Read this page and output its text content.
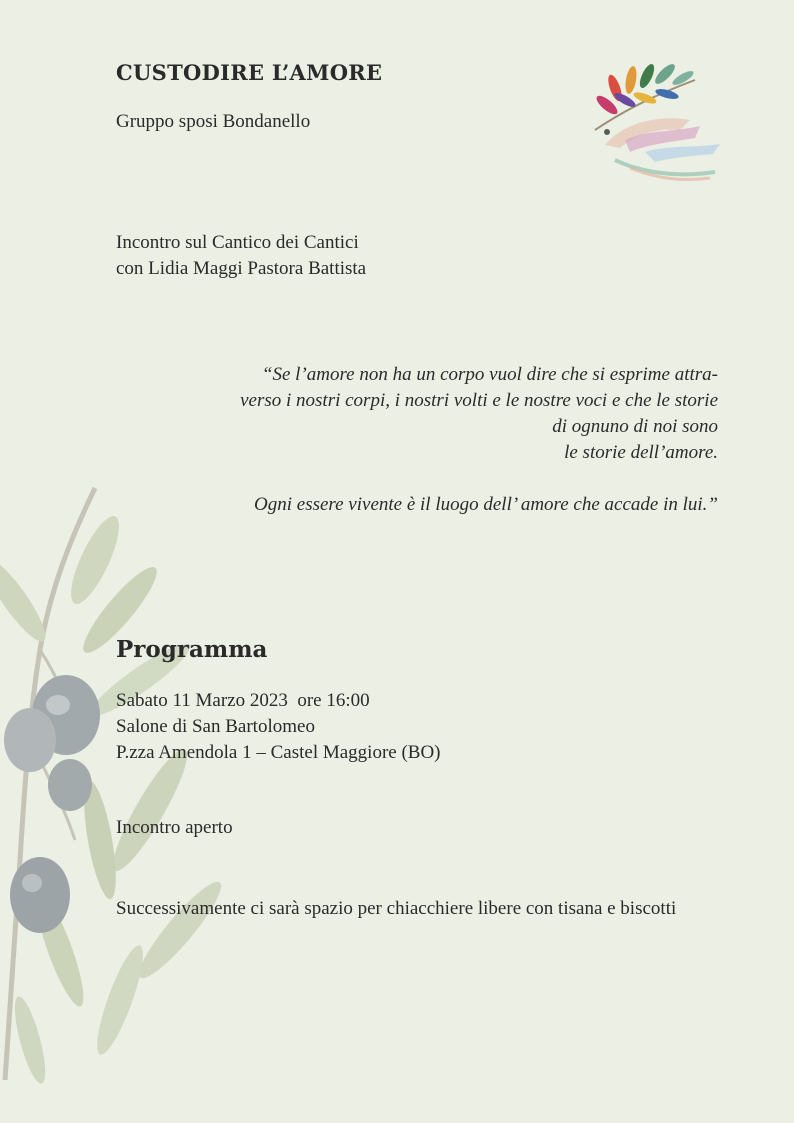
CUSTODIRE L’AMORE
Gruppo sposi Bondanello
Incontro sul Cantico dei Cantici
con Lidia Maggi Pastora Battista
“Se l’amore non ha un corpo vuol dire che si esprime attra-
verso i nostri corpi, i nostri volti e le nostre voci e che le storie
di ognuno di noi sono
le storie dell’amore.
Ogni essere vivente è il luogo dell’ amore che accade in lui.”
Programma
Sabato 11 Marzo 2023  ore 16:00
Salone di San Bartolomeo
P.zza Amendola 1 – Castel Maggiore (BO)
Incontro aperto
Successivamente ci sarà spazio per chiacchiere libere con tisana e biscotti
